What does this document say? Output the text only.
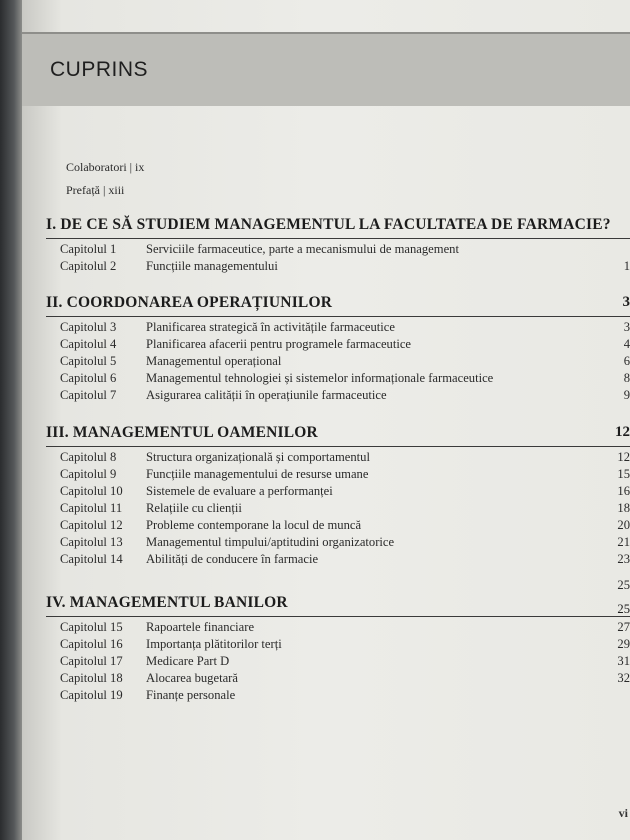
CUPRINS
Colaboratori | ix
Prefață | xiii
I. DE CE SĂ STUDIEM MANAGEMENTUL LA FACULTATEA DE FARMACIE?
Capitolul 1 Serviciile farmaceutice, parte a mecanismului de management
Capitolul 2 Funcțiile managementului	1
II. COORDONAREA OPERAȚIUNILOR	3
Capitolul 3 Planificarea strategică în activitățile farmaceutice	3
Capitolul 4 Planificarea afacerii pentru programele farmaceutice	4
Capitolul 5 Managementul operațional	6
Capitolul 6 Managementul tehnologiei și sistemelor informaționale farmaceutice	8
Capitolul 7 Asigurarea calității în operațiunile farmaceutice	9
III. MANAGEMENTUL OAMENILOR	12
Capitolul 8 Structura organizațională și comportamentul	12
Capitolul 9 Funcțiile managementului de resurse umane	15
Capitolul 10 Sistemele de evaluare a performanței	16
Capitolul 11 Relațiile cu clienții	18
Capitolul 12 Probleme contemporane la locul de muncă	20
Capitolul 13 Managementul timpului/aptitudini organizatorice	21
Capitolul 14 Abilități de conducere în farmacie	23
25
IV. MANAGEMENTUL BANILOR	25
Capitolul 15 Rapoartele financiare	27
Capitolul 16 Importanța plătitorilor terți	29
Capitolul 17 Medicare Part D	31
Capitolul 18 Alocarea bugetară	32
Capitolul 19 Finanțe personale
vi
